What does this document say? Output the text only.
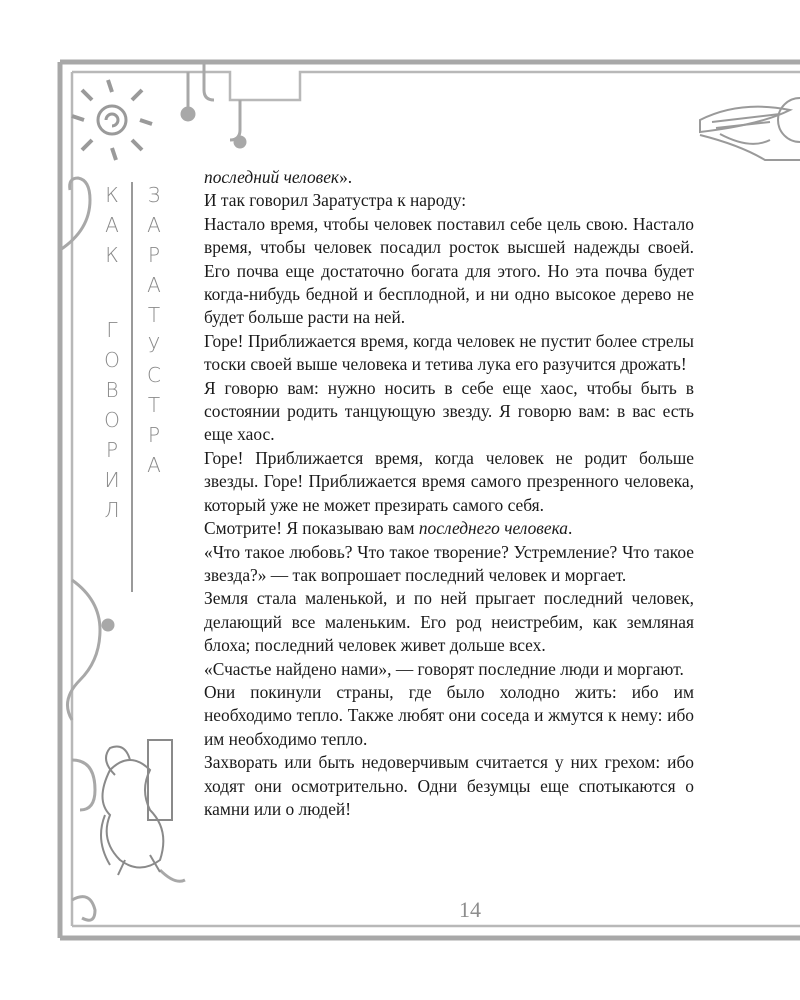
К
А
К
Г
О
В
О
Р
И
Л
З
А
Р
А
Т
У
С
Т
Р
А

последний человек».

И так говорил Заратустра к народу:

Настало время, чтобы человек поставил себе цель свою. Настало время, чтобы человек посадил росток высшей надежды своей. Его почва еще достаточно богата для этого. Но эта почва будет когда-нибудь бедной и бесплодной, и ни одно высокое дерево не будет больше расти на ней.

Горе! Приближается время, когда человек не пустит более стрелы тоски своей выше человека и тетива лука его разучится дрожать!

Я говорю вам: нужно носить в себе еще хаос, чтобы быть в состоянии родить танцующую звезду. Я говорю вам: в вас есть еще хаос.

Горе! Приближается время, когда человек не родит больше звезды. Горе! Приближается время самого презренного человека, который уже не может презирать самого себя.

Смотрите! Я показываю вам последнего человека.

«Что такое любовь? Что такое творение? Устремление? Что такое звезда?» — так вопрошает последний человек и моргает.

Земля стала маленькой, и по ней прыгает последний человек, делающий все маленьким. Его род неистребим, как земляная блоха; последний человек живет дольше всех.

«Счастье найдено нами», — говорят последние люди и моргают.

Они покинули страны, где было холодно жить: ибо им необходимо тепло. Также любят они соседа и жмутся к нему: ибо им необходимо тепло.

Захворать или быть недоверчивым считается у них грехом: ибо ходят они осмотрительно. Одни безумцы еще спотыкаются о камни или о людей!

14
